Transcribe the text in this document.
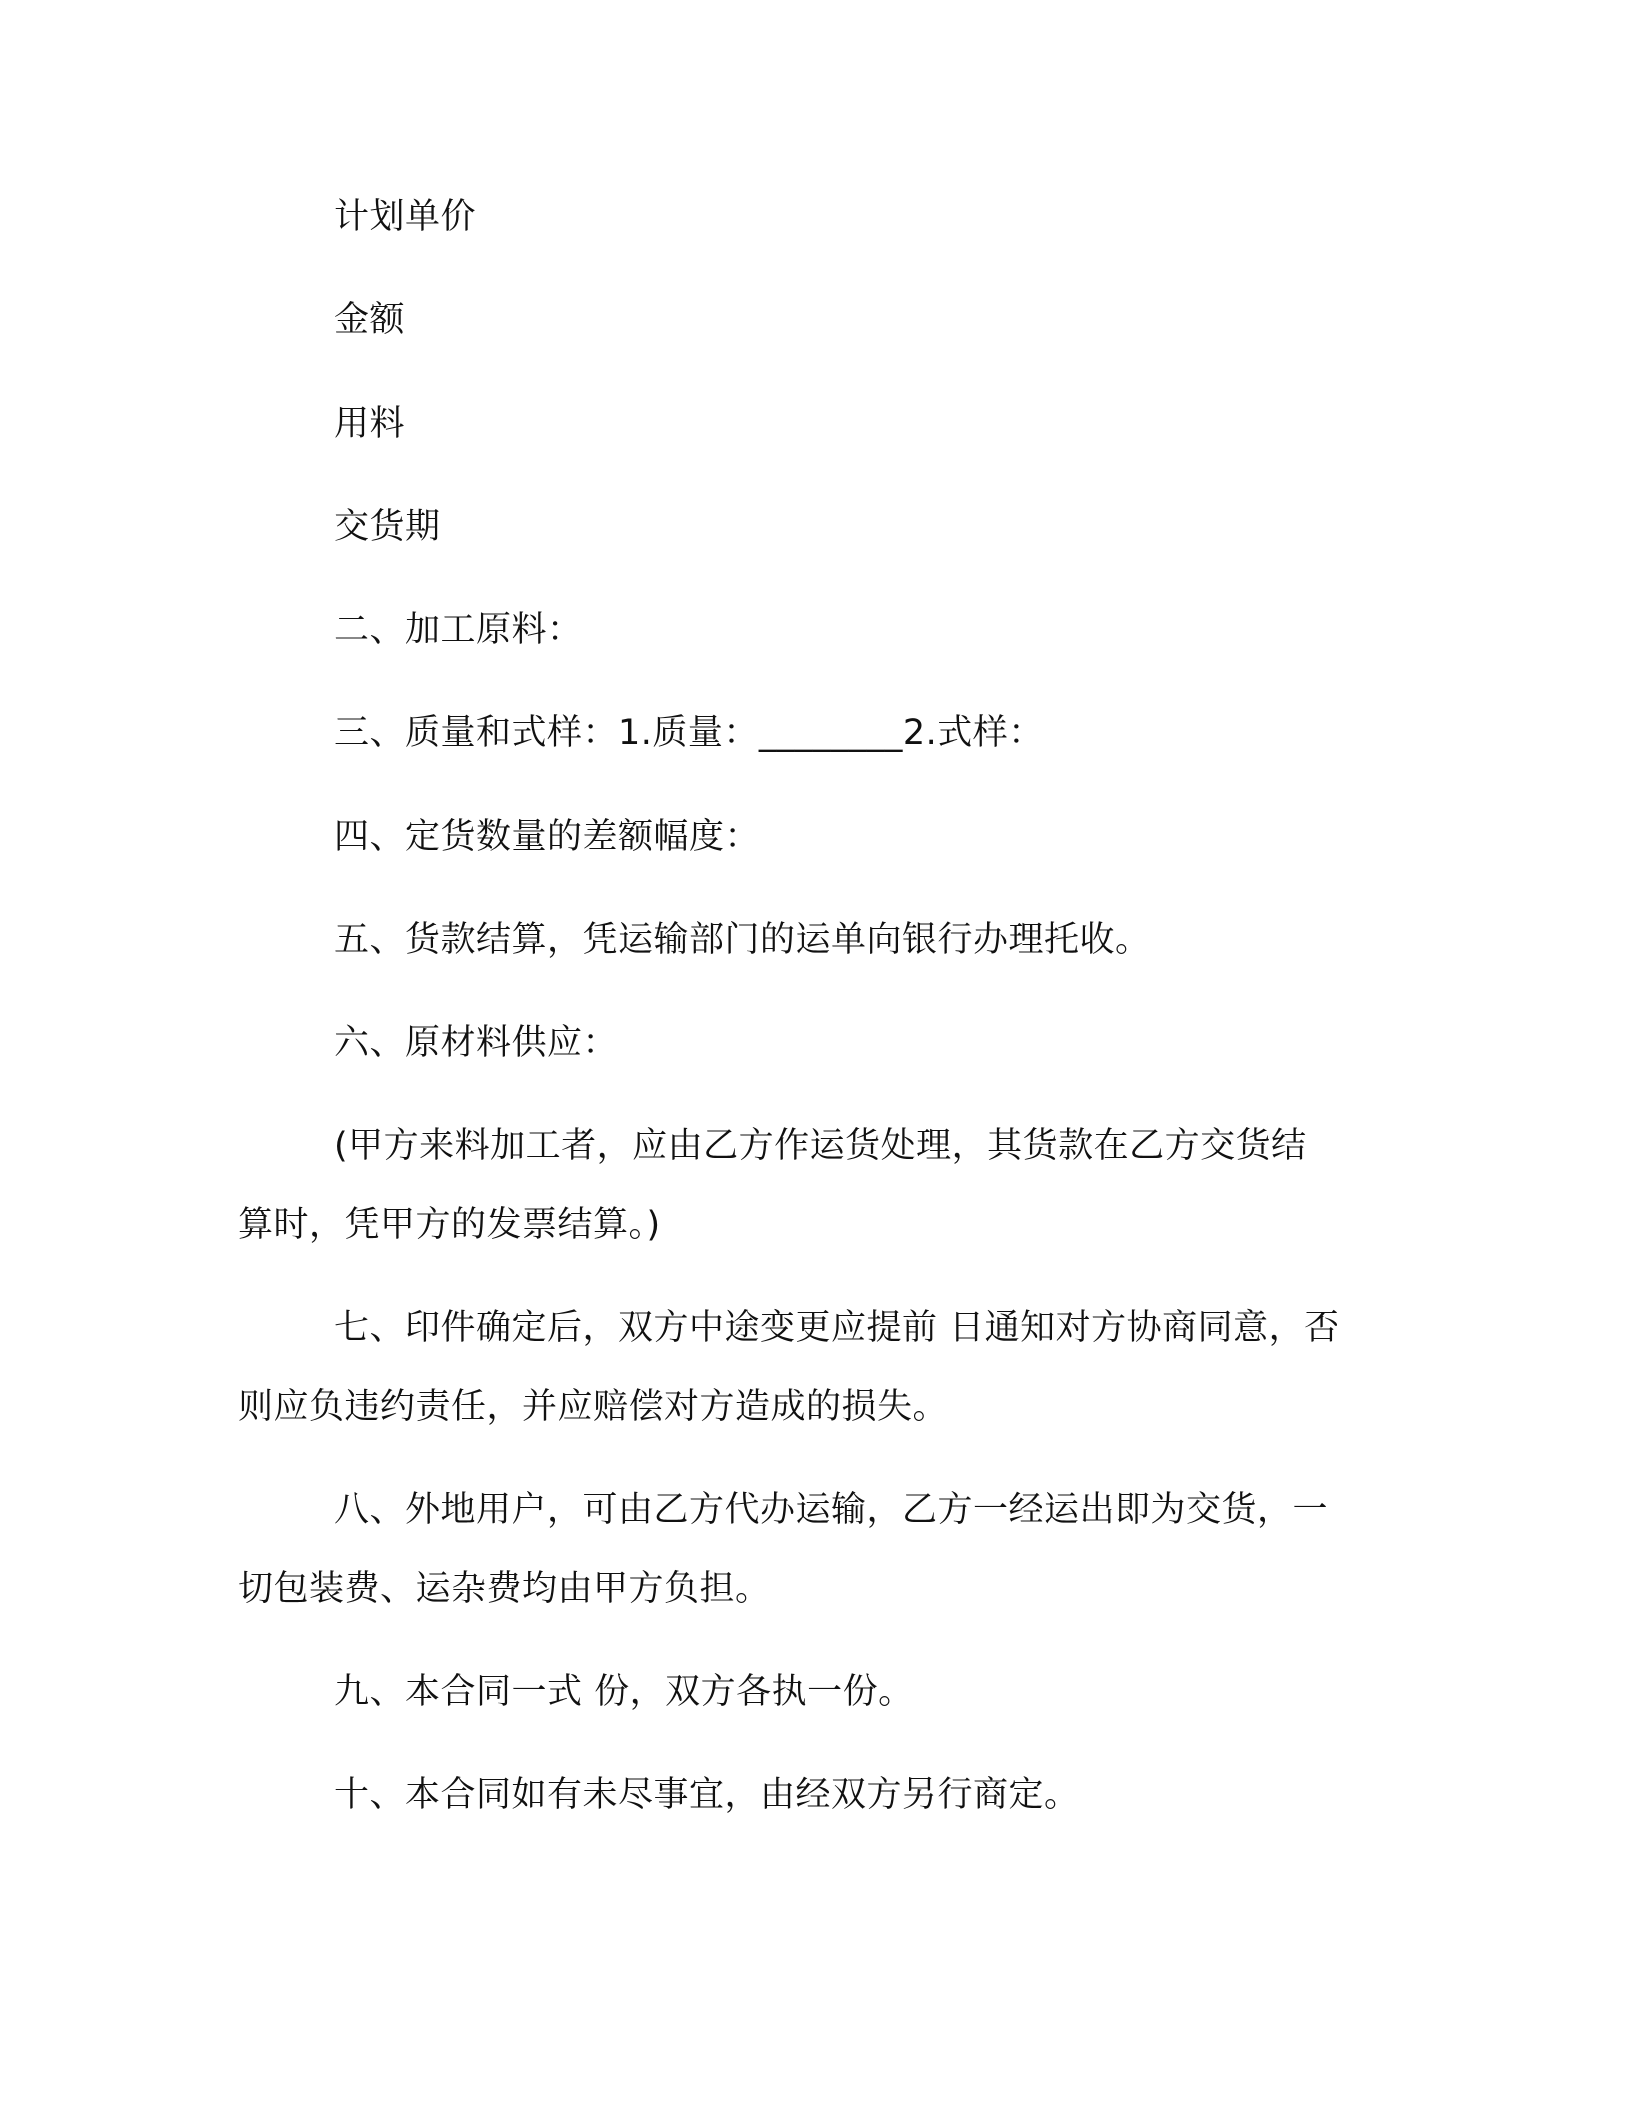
计划单价
金额
用料
交货期
二、加工原料：
三、质量和式样：1.质量：________2.式样：
四、定货数量的差额幅度：
五、货款结算，凭运输部门的运单向银行办理托收。
六、原材料供应：
(甲方来料加工者，应由乙方作运货处理，其货款在乙方交货结
算时，凭甲方的发票结算。)
七、印件确定后，双方中途变更应提前 日通知对方协商同意，否
则应负违约责任，并应赔偿对方造成的损失。
八、外地用户，可由乙方代办运输，乙方一经运出即为交货，一
切包装费、运杂费均由甲方负担。
九、本合同一式 份，双方各执一份。
十、本合同如有未尽事宜，由经双方另行商定。
